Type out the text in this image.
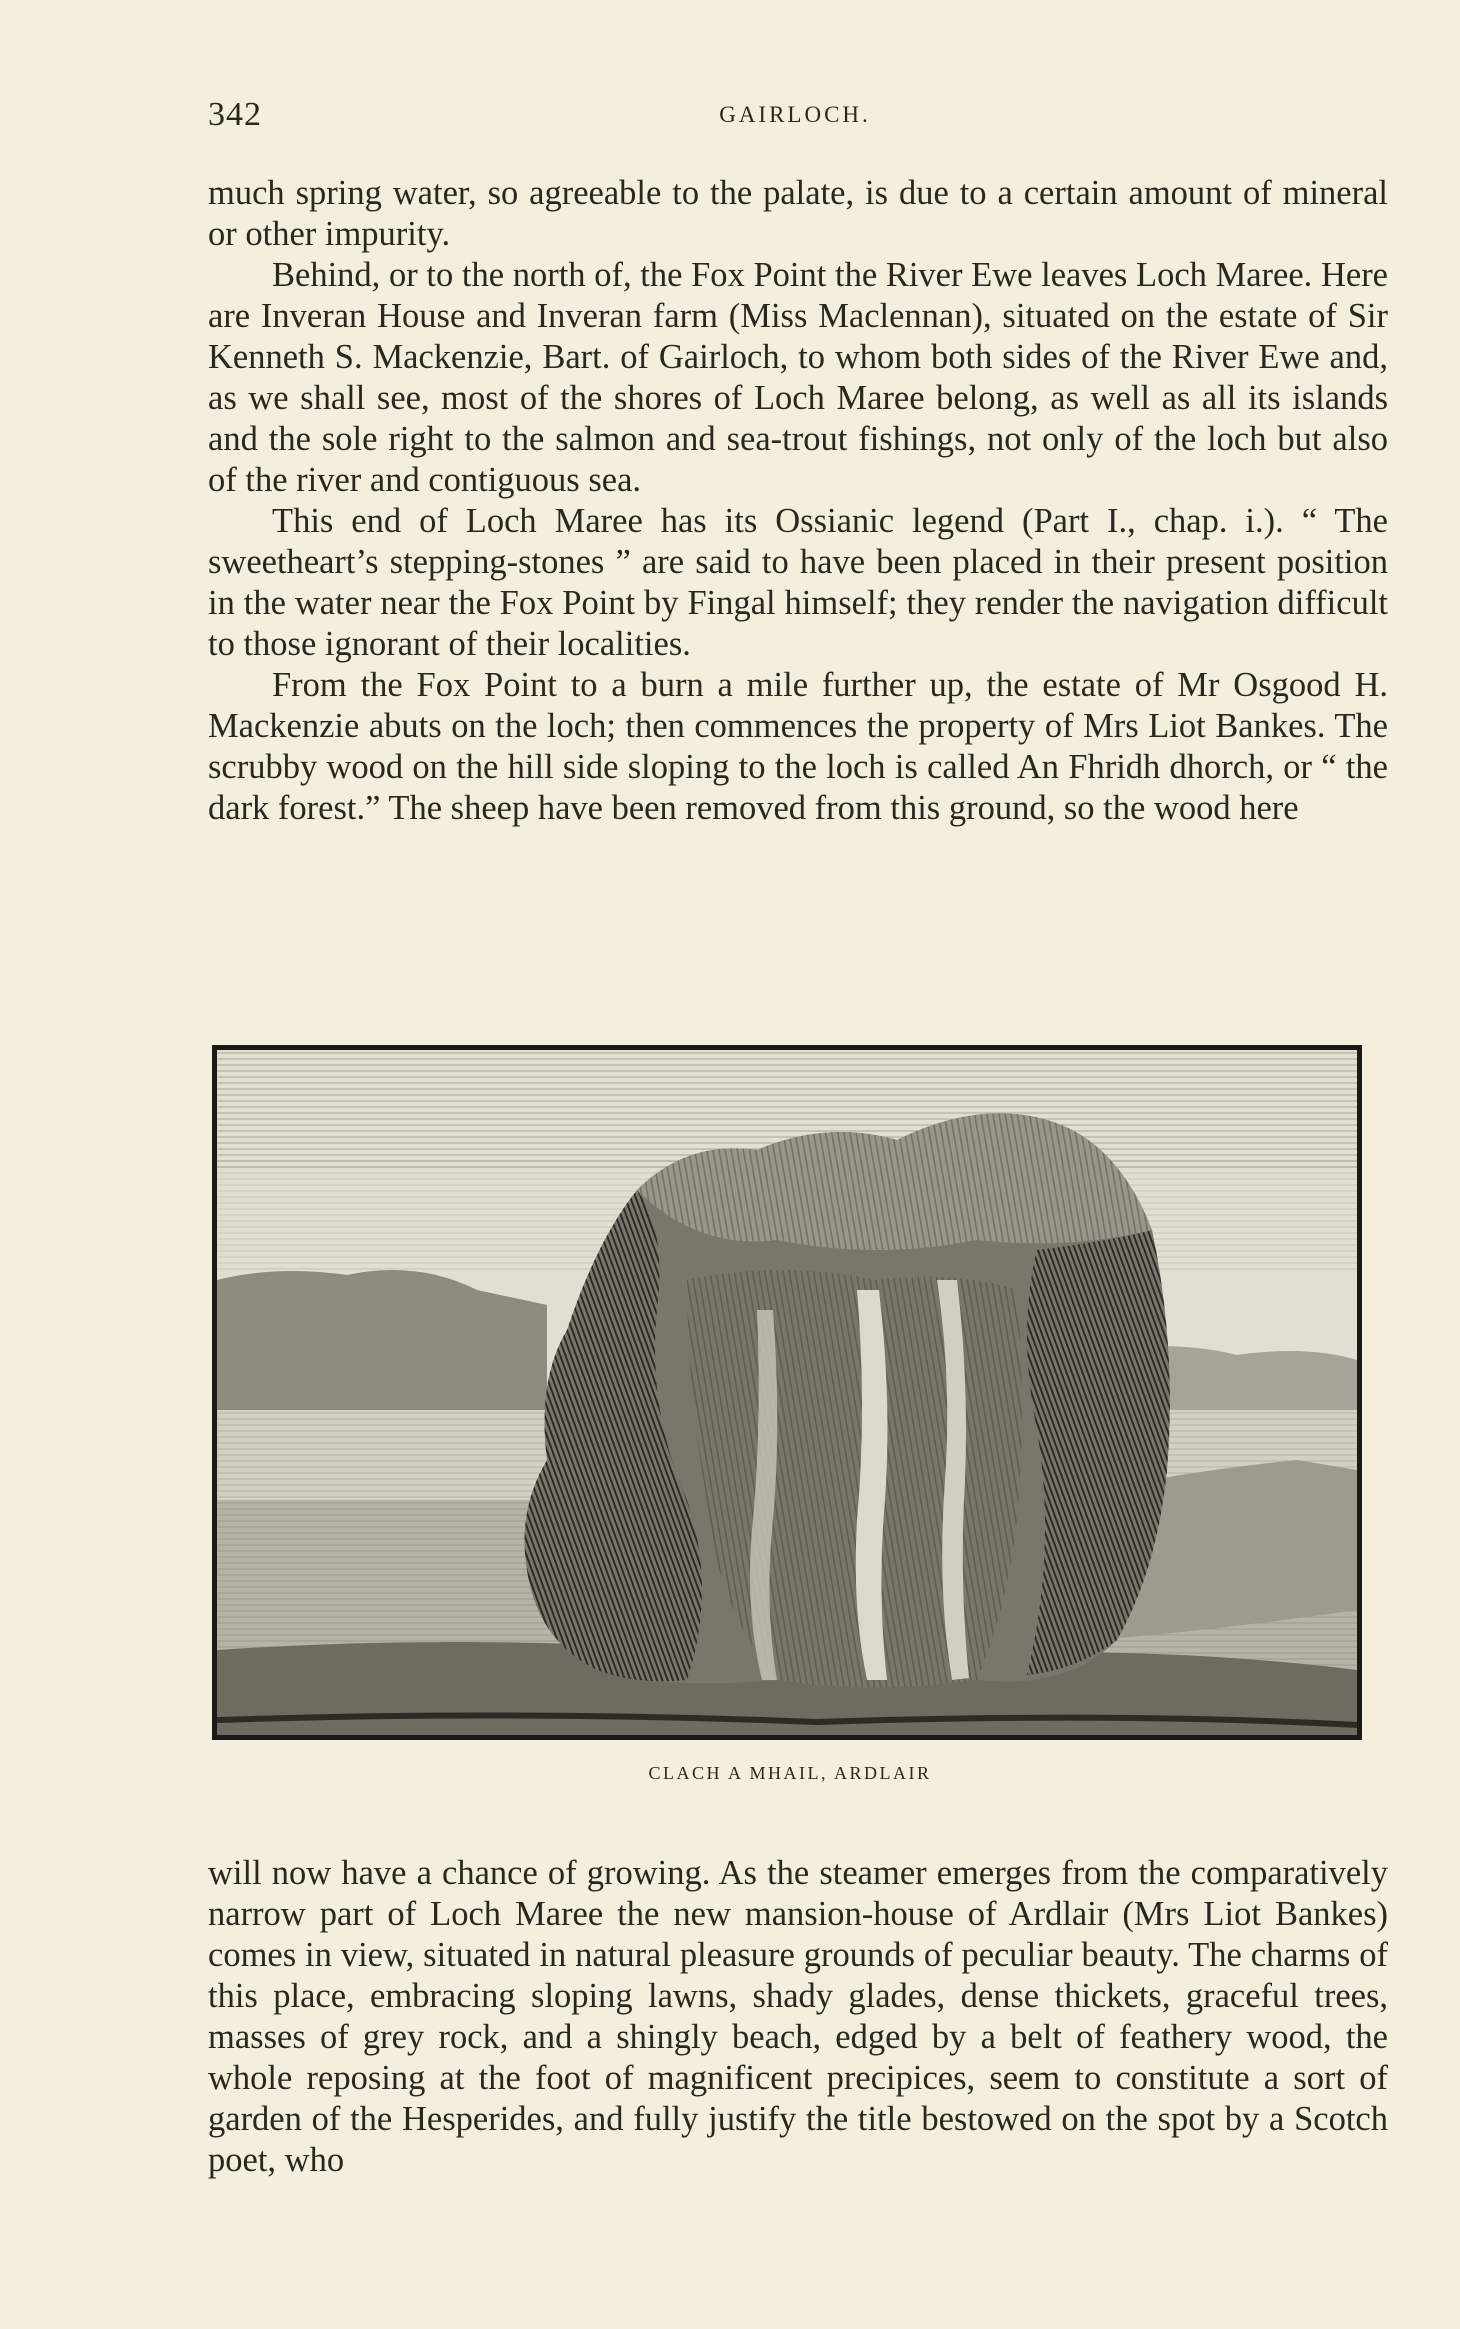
342	GAIRLOCH.

much spring water, so agreeable to the palate, is due to a certain amount of mineral or other impurity.

Behind, or to the north of, the Fox Point the River Ewe leaves Loch Maree. Here are Inveran House and Inveran farm (Miss Maclennan), situated on the estate of Sir Kenneth S. Mackenzie, Bart. of Gairloch, to whom both sides of the River Ewe and, as we shall see, most of the shores of Loch Maree belong, as well as all its islands and the sole right to the salmon and sea-trout fishings, not only of the loch but also of the river and contiguous sea.

This end of Loch Maree has its Ossianic legend (Part I., chap. i.). “ The sweetheart’s stepping-stones ” are said to have been placed in their present position in the water near the Fox Point by Fingal himself; they render the navigation difficult to those ignorant of their localities.

From the Fox Point to a burn a mile further up, the estate of Mr Osgood H. Mackenzie abuts on the loch; then commences the property of Mrs Liot Bankes. The scrubby wood on the hill side sloping to the loch is called An Fhridh dhorch, or “ the dark forest.” The sheep have been removed from this ground, so the wood here

CLACH A MHAIL, ARDLAIR

will now have a chance of growing. As the steamer emerges from the comparatively narrow part of Loch Maree the new mansion-house of Ardlair (Mrs Liot Bankes) comes in view, situated in natural pleasure grounds of peculiar beauty. The charms of this place, embracing sloping lawns, shady glades, dense thickets, graceful trees, masses of grey rock, and a shingly beach, edged by a belt of feathery wood, the whole reposing at the foot of magnificent precipices, seem to constitute a sort of garden of the Hesperides, and fully justify the title bestowed on the spot by a Scotch poet, who
